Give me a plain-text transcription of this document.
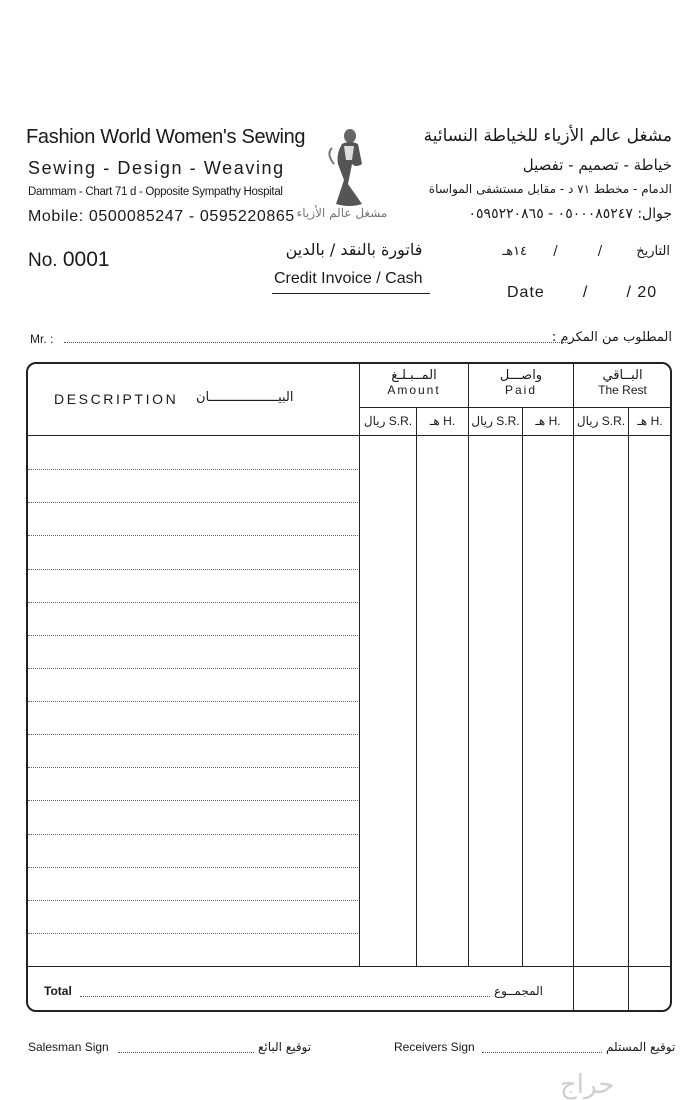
Fashion World Women's Sewing
Sewing - Design - Weaving
Dammam - Chart 71 d - Opposite Sympathy Hospital
Mobile: 0500085247 - 0595220865 مشغل عالم الأزياء
مشغل عالم الأزياء للخياطة النسائية
خياطة - تصميم - تفصيل
الدمام - مخطط ٧١ د - مقابل مستشفى المواساة
جوال: ٠٥٠٠٠٨٥٢٤٧ - ٠٥٩٥٢٢٠٨٦٥
No. 0001	فاتورة بالنقد / بالدين
Credit Invoice / Cash
التاريخ / / ١٤هـ
Date       /       / 20
Mr. :	المطلوب من المكرم :
DESCRIPTION البيــــــــــــــــــان
المــبـلـغ
Amount
واصـــل
Paid
البــاقي
The Rest
ريال S.R.	هـ H.	ريال S.R.	هـ H.	ريال S.R.	هـ H.
Total	المجمــوع
Salesman Sign	توقيع البائع	Receivers Sign	توقيع المستلم
حراج
